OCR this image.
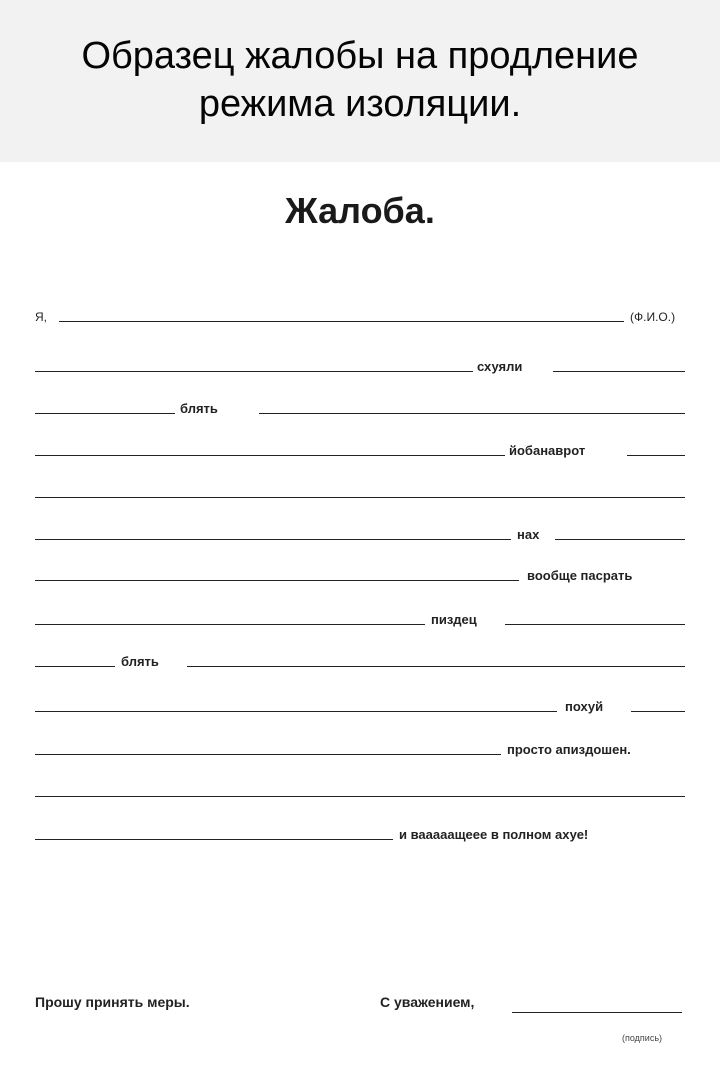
Образец жалобы на продление
режима изоляции.
Жалоба.
Я,	(Ф.И.О.)
схуяли
блять
йобанаврот
нах
вообще пасрать
пиздец
блять
похуй
просто апиздошен.
и вааааащеее в полном ахуе!
Прошу принять меры.	С уважением,
(подпись)
